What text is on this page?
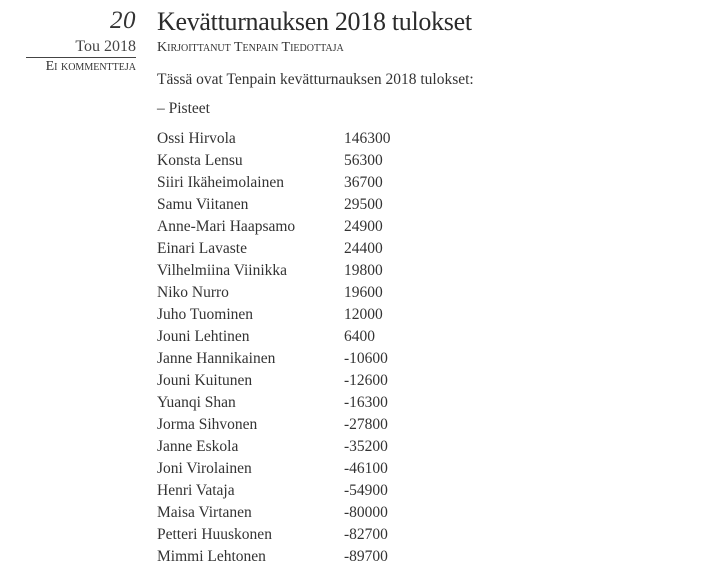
20
Tou 2018
Ei kommentteja
Kevätturnauksen 2018 tulokset
Kirjoittanut Tenpain Tiedottaja
Tässä ovat Tenpain kevätturnauksen 2018 tulokset:
– Pisteet
Ossi Hirvola	146300
Konsta Lensu	56300
Siiri Ikäheimolainen	36700
Samu Viitanen	29500
Anne-Mari Haapsamo	24900
Einari Lavaste	24400
Vilhelmiina Viinikka	19800
Niko Nurro	19600
Juho Tuominen	12000
Jouni Lehtinen	6400
Janne Hannikainen	-10600
Jouni Kuitunen	-12600
Yuanqi Shan	-16300
Jorma Sihvonen	-27800
Janne Eskola	-35200
Joni Virolainen	-46100
Henri Vataja	-54900
Maisa Virtanen	-80000
Petteri Huuskonen	-82700
Mimmi Lehtonen	-89700
